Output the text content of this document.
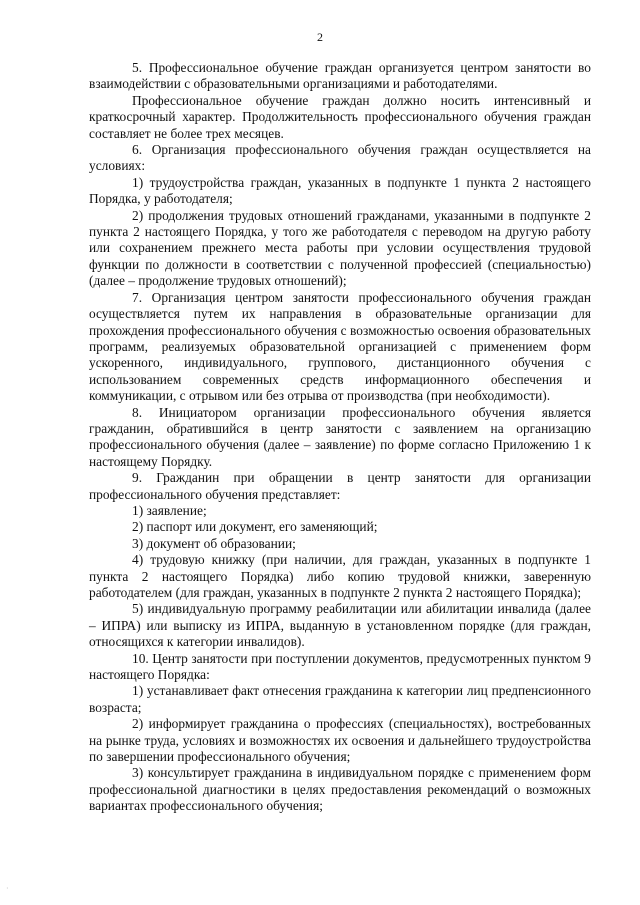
2

5. Профессиональное обучение граждан организуется центром занятости во взаимодействии с образовательными организациями и работодателями.

Профессиональное обучение граждан должно носить интенсивный и краткосрочный характер. Продолжительность профессионального обучения граждан составляет не более трех месяцев.

6. Организация профессионального обучения граждан осуществляется на условиях:

1) трудоустройства граждан, указанных в подпункте 1 пункта 2 настоящего Порядка, у работодателя;

2) продолжения трудовых отношений гражданами, указанными в подпункте 2 пункта 2 настоящего Порядка, у того же работодателя с переводом на другую работу или сохранением прежнего места работы при условии осуществления трудовой функции по должности в соответствии с полученной профессией (специальностью) (далее – продолжение трудовых отношений);

7. Организация центром занятости профессионального обучения граждан осуществляется путем их направления в образовательные организации для прохождения профессионального обучения с возможностью освоения образовательных программ, реализуемых образовательной организацией с применением форм ускоренного, индивидуального, группового, дистанционного обучения с использованием современных средств информационного обеспечения и коммуникации, с отрывом или без отрыва от производства (при необходимости).

8. Инициатором организации профессионального обучения является гражданин, обратившийся в центр занятости с заявлением на организацию профессионального обучения (далее – заявление) по форме согласно Приложению 1 к настоящему Порядку.

9. Гражданин при обращении в центр занятости для организации профессионального обучения представляет:

1) заявление;

2) паспорт или документ, его заменяющий;

3) документ об образовании;

4) трудовую книжку (при наличии, для граждан, указанных в подпункте 1 пункта 2 настоящего Порядка) либо копию трудовой книжки, заверенную работодателем (для граждан, указанных в подпункте 2 пункта 2 настоящего Порядка);

5) индивидуальную программу реабилитации или абилитации инвалида (далее – ИПРА) или выписку из ИПРА, выданную в установленном порядке (для граждан, относящихся к категории инвалидов).

10. Центр занятости при поступлении документов, предусмотренных пунктом 9 настоящего Порядка:

1) устанавливает факт отнесения гражданина к категории лиц предпенсионного возраста;

2) информирует гражданина о профессиях (специальностях), востребованных на рынке труда, условиях и возможностях их освоения и дальнейшего трудоустройства по завершении профессионального обучения;

3) консультирует гражданина в индивидуальном порядке с применением форм профессиональной диагностики в целях предоставления рекомендаций о возможных вариантах профессионального обучения;

·
